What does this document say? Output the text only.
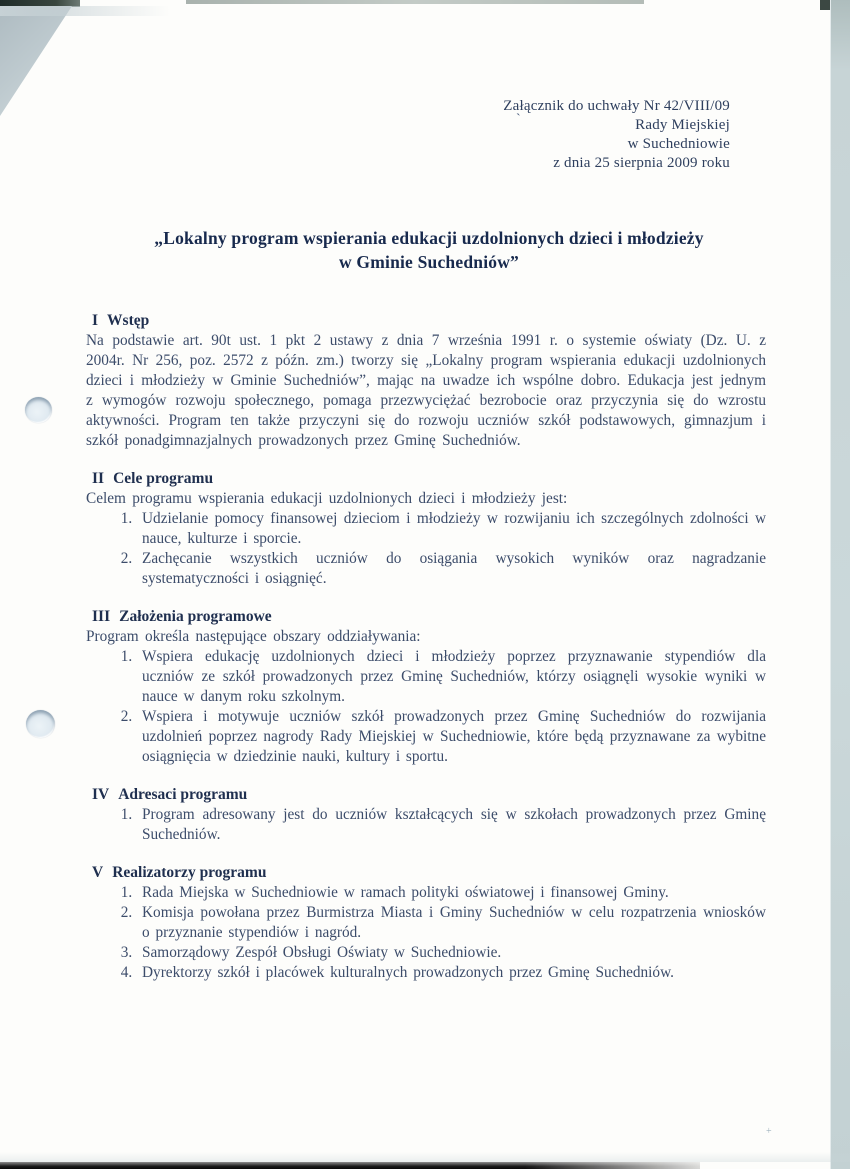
`
+
Załącznik do uchwały Nr 42/VIII/09
Rady Miejskiej
w Suchedniowie
z dnia 25 sierpnia 2009 roku
„Lokalny program wspierania edukacji uzdolnionych dzieci i młodzieży
w Gminie Suchedniów”
I Wstęp
Na podstawie art. 90t ust. 1 pkt 2 ustawy z dnia 7 września 1991 r. o systemie oświaty (Dz. U. z 2004r. Nr 256, poz. 2572 z późn. zm.) tworzy się „Lokalny program wspierania edukacji uzdolnionych dzieci i młodzieży w Gminie Suchedniów”, mając na uwadze ich wspólne dobro. Edukacja jest jednym z wymogów rozwoju społecznego, pomaga przezwyciężać bezrobocie oraz przyczynia się do wzrostu aktywności. Program ten także przyczyni się do rozwoju uczniów szkół podstawowych, gimnazjum i szkół ponadgimnazjalnych prowadzonych przez Gminę Suchedniów.
II Cele programu
Celem programu wspierania edukacji uzdolnionych dzieci i młodzieży jest:
1. Udzielanie pomocy finansowej dzieciom i młodzieży w rozwijaniu ich szczególnych zdolności w nauce, kulturze i sporcie.
2. Zachęcanie wszystkich uczniów do osiągania wysokich wyników oraz nagradzanie systematyczności i osiągnięć.
III Założenia programowe
Program określa następujące obszary oddziaływania:
1. Wspiera edukację uzdolnionych dzieci i młodzieży poprzez przyznawanie stypendiów dla uczniów ze szkół prowadzonych przez Gminę Suchedniów, którzy osiągnęli wysokie wyniki w nauce w danym roku szkolnym.
2. Wspiera i motywuje uczniów szkół prowadzonych przez Gminę Suchedniów do rozwijania uzdolnień poprzez nagrody Rady Miejskiej w Suchedniowie, które będą przyznawane za wybitne osiągnięcia w dziedzinie nauki, kultury i sportu.
IV Adresaci programu
1. Program adresowany jest do uczniów kształcących się w szkołach prowadzonych przez Gminę Suchedniów.
V Realizatorzy programu
1. Rada Miejska w Suchedniowie w ramach polityki oświatowej i finansowej Gminy.
2. Komisja powołana przez Burmistrza Miasta i Gminy Suchedniów w celu rozpatrzenia wniosków o przyznanie stypendiów i nagród.
3. Samorządowy Zespół Obsługi Oświaty w Suchedniowie.
4. Dyrektorzy szkół i placówek kulturalnych prowadzonych przez Gminę Suchedniów.
